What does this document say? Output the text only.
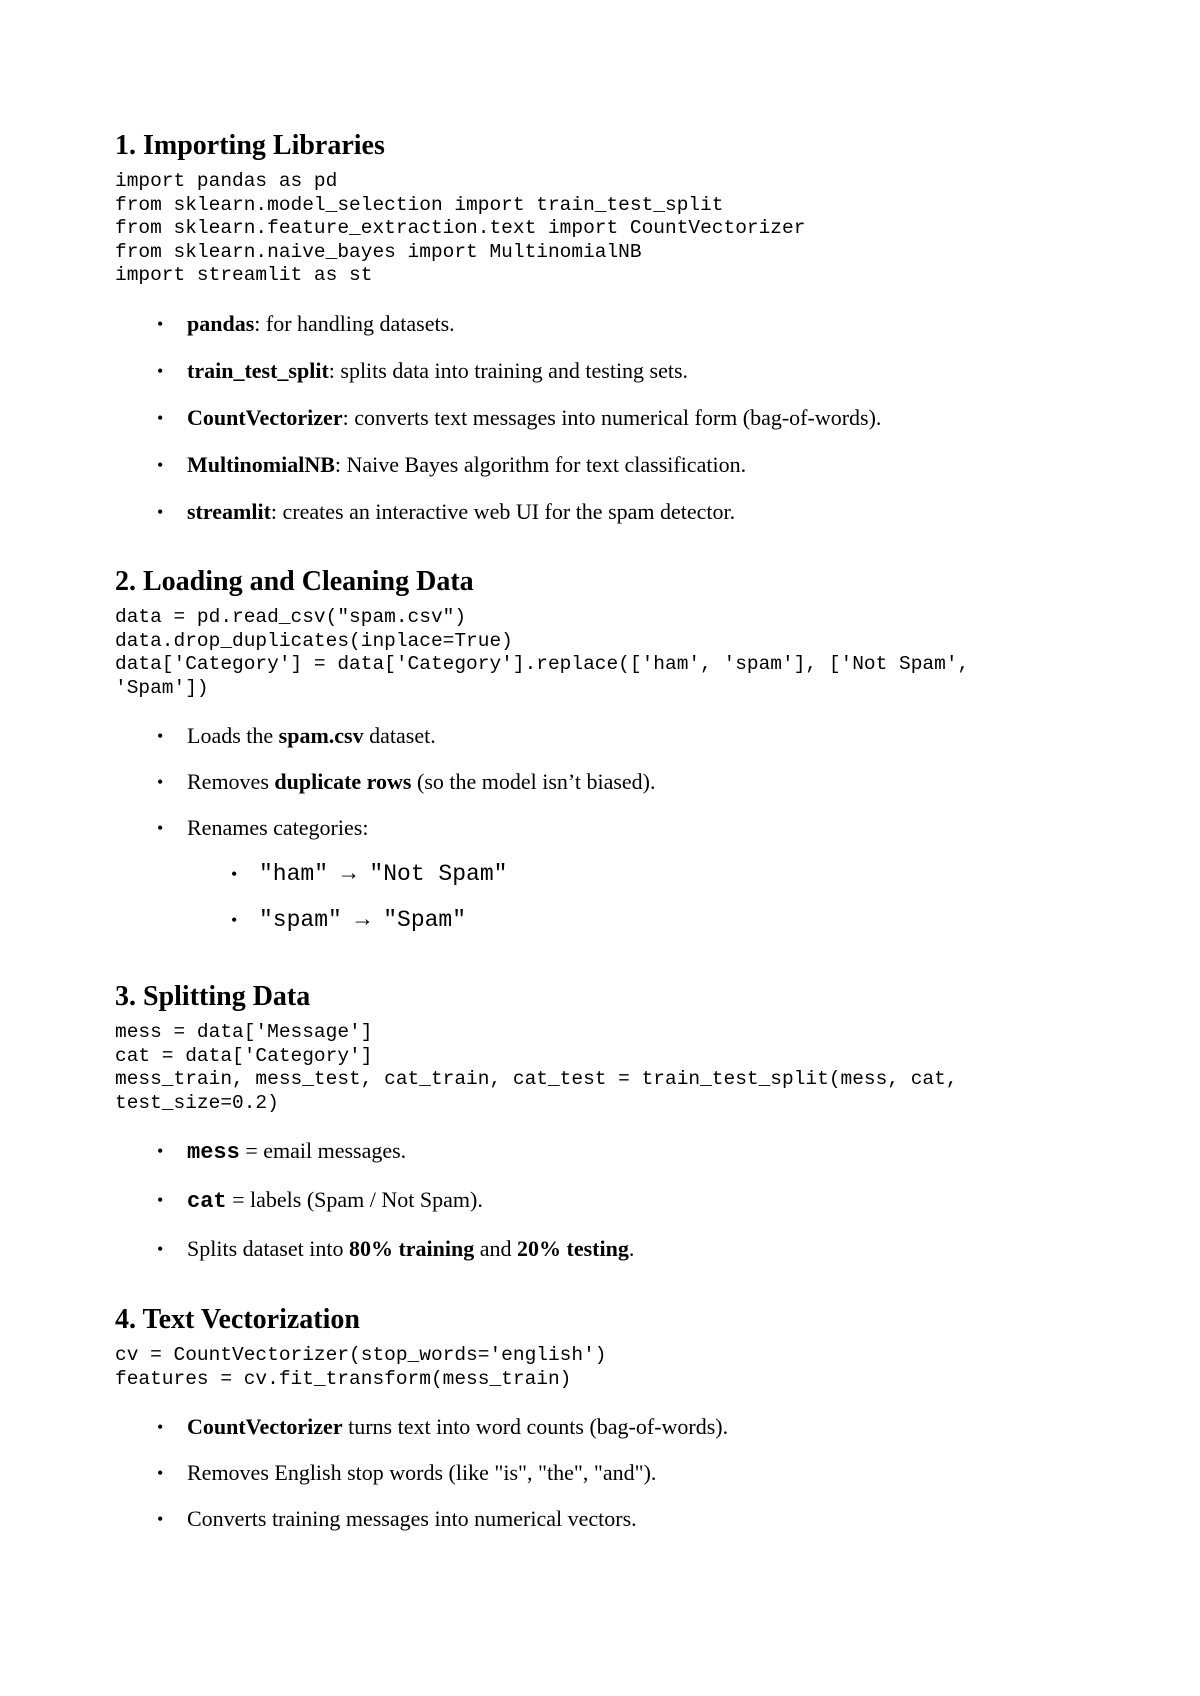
1. Importing Libraries
import pandas as pd
from sklearn.model_selection import train_test_split
from sklearn.feature_extraction.text import CountVectorizer
from sklearn.naive_bayes import MultinomialNB
import streamlit as st
• pandas: for handling datasets.
• train_test_split: splits data into training and testing sets.
• CountVectorizer: converts text messages into numerical form (bag-of-words).
• MultinomialNB: Naive Bayes algorithm for text classification.
• streamlit: creates an interactive web UI for the spam detector.
2. Loading and Cleaning Data
data = pd.read_csv("spam.csv")
data.drop_duplicates(inplace=True)
data['Category'] = data['Category'].replace(['ham', 'spam'], ['Not Spam',
'Spam'])
• Loads the spam.csv dataset.
• Removes duplicate rows (so the model isn’t biased).
• Renames categories:
• "ham" → "Not Spam"
• "spam" → "Spam"
3. Splitting Data
mess = data['Message']
cat = data['Category']
mess_train, mess_test, cat_train, cat_test = train_test_split(mess, cat,
test_size=0.2)
• mess = email messages.
• cat = labels (Spam / Not Spam).
• Splits dataset into 80% training and 20% testing.
4. Text Vectorization
cv = CountVectorizer(stop_words='english')
features = cv.fit_transform(mess_train)
• CountVectorizer turns text into word counts (bag-of-words).
• Removes English stop words (like "is", "the", "and").
• Converts training messages into numerical vectors.
